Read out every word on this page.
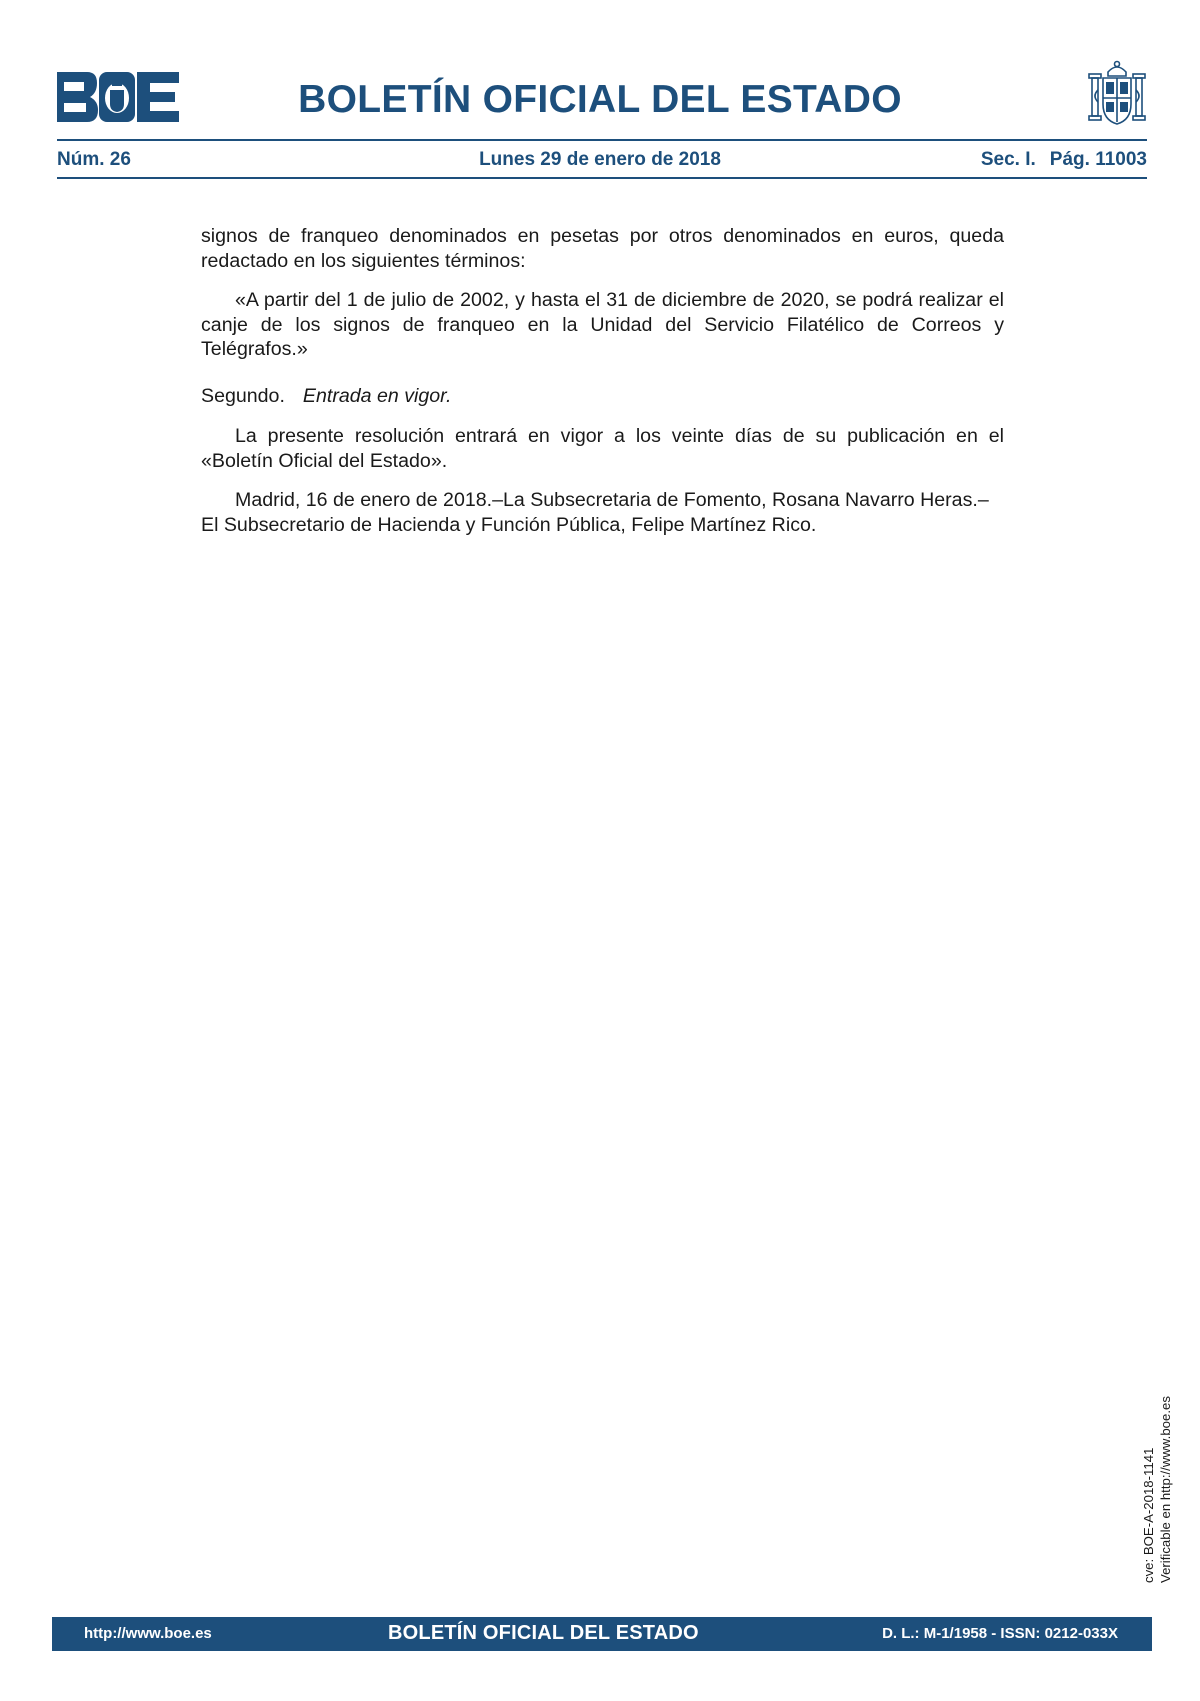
BOLETÍN OFICIAL DEL ESTADO
Núm. 26	Lunes 29 de enero de 2018	Sec. I. Pág. 11003

signos de franqueo denominados en pesetas por otros denominados en euros, queda redactado en los siguientes términos:

«A partir del 1 de julio de 2002, y hasta el 31 de diciembre de 2020, se podrá realizar el canje de los signos de franqueo en la Unidad del Servicio Filatélico de Correos y Telégrafos.»

Segundo. Entrada en vigor.

La presente resolución entrará en vigor a los veinte días de su publicación en el «Boletín Oficial del Estado».

Madrid, 16 de enero de 2018.–La Subsecretaria de Fomento, Rosana Navarro Heras.–
El Subsecretario de Hacienda y Función Pública, Felipe Martínez Rico.

cve: BOE-A-2018-1141 Verificable en http://www.boe.es
http://www.boe.es	BOLETÍN OFICIAL DEL ESTADO	D. L.: M-1/1958 - ISSN: 0212-033X
